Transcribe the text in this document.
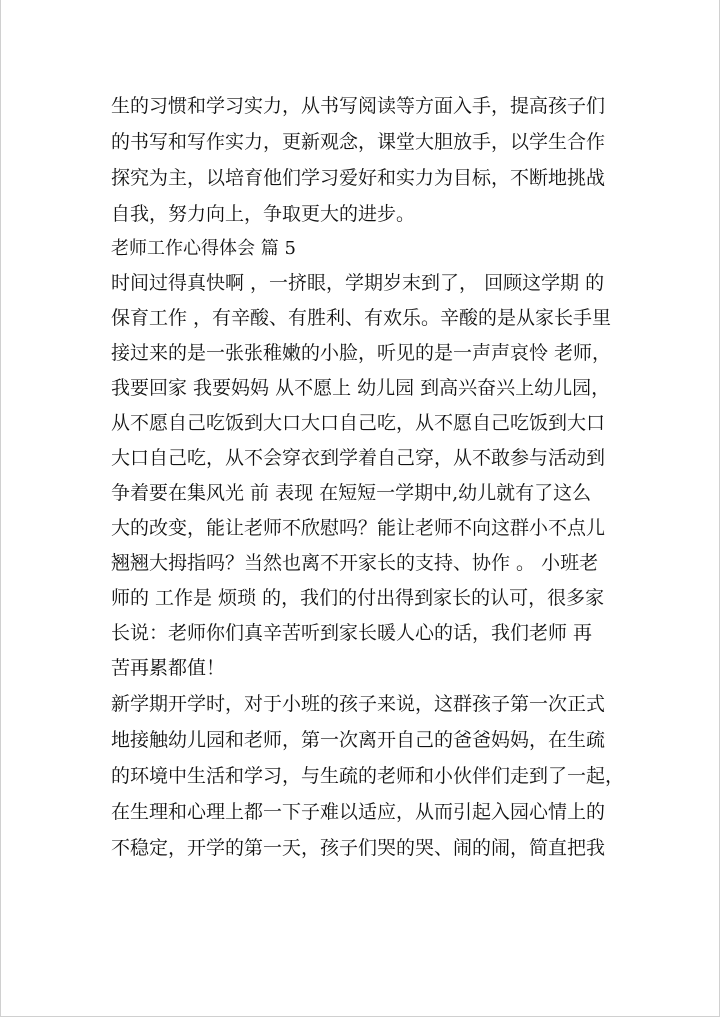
生的习惯和学习实力，从书写阅读等方面入手，提高孩子们
的书写和写作实力，更新观念，课堂大胆放手，以学生合作
探究为主，以培育他们学习爱好和实力为目标，不断地挑战
自我，努力向上，争取更大的进步。
老师工作心得体会 篇 5
时间过得真快啊 ，一挤眼，学期岁末到了， 回顾这学期 的
保育工作 ，有辛酸、有胜利、有欢乐。辛酸的是从家长手里
接过来的是一张张稚嫩的小脸，听见的是一声声哀怜 老师，
我要回家 我要妈妈 从不愿上 幼儿园 到高兴奋兴上幼儿园，
从不愿自己吃饭到大口大口自己吃，从不愿自己吃饭到大口
大口自己吃，从不会穿衣到学着自己穿，从不敢参与活动到
争着要在集风光 前 表现 在短短一学期中,幼儿就有了这么
大的改变，能让老师不欣慰吗？能让老师不向这群小不点儿
翘翘大拇指吗？当然也离不开家长的支持、协作 。 小班老
师的 工作是 烦琐 的，我们的付出得到家长的认可，很多家
长说：老师你们真辛苦听到家长暖人心的话，我们老师 再
苦再累都值！
新学期开学时，对于小班的孩子来说，这群孩子第一次正式
地接触幼儿园和老师，第一次离开自己的爸爸妈妈，在生疏
的环境中生活和学习，与生疏的老师和小伙伴们走到了一起，
在生理和心理上都一下子难以适应，从而引起入园心情上的
不稳定，开学的第一天，孩子们哭的哭、闹的闹，简直把我
